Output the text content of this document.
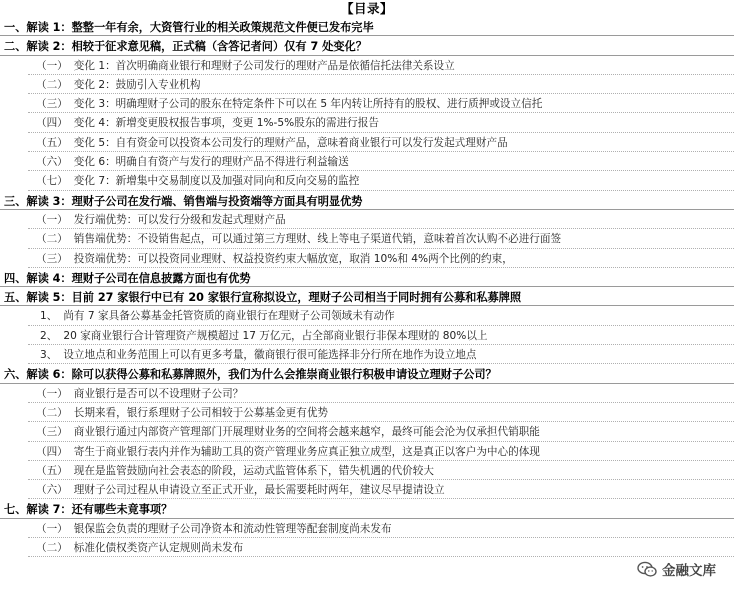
【目录】
一、解读 1：整整一年有余，大资管行业的相关政策规范文件便已发布完毕
二、解读 2：相较于征求意见稿，正式稿（含答记者问）仅有 7 处变化？
（一） 变化 1：首次明确商业银行和理财子公司发行的理财产品是依循信托法律关系设立
（二） 变化 2：鼓励引入专业机构
（三） 变化 3：明确理财子公司的股东在特定条件下可以在 5 年内转让所持有的股权、进行质押或设立信托
（四） 变化 4：新增变更股权报告事项，变更 1%-5%股东的需进行报告
（五） 变化 5：自有资金可以投资本公司发行的理财产品，意味着商业银行可以发行发起式理财产品
（六） 变化 6：明确自有资产与发行的理财产品不得进行利益输送
（七） 变化 7：新增集中交易制度以及加强对同向和反向交易的监控
三、解读 3：理财子公司在发行端、销售端与投资端等方面具有明显优势
（一） 发行端优势：可以发行分级和发起式理财产品
（二） 销售端优势：不设销售起点，可以通过第三方理财、线上等电子渠道代销，意味着首次认购不必进行面签
（三） 投资端优势：可以投资同业理财、权益投资约束大幅放宽，取消 10%和 4%两个比例的约束，
四、解读 4：理财子公司在信息披露方面也有优势
五、解读 5：目前 27 家银行中已有 20 家银行宣称拟设立，理财子公司相当于同时拥有公募和私募牌照
1、 尚有 7 家具备公募基金托管资质的商业银行在理财子公司领域未有动作
2、 20 家商业银行合计管理资产规模超过 17 万亿元，占全部商业银行非保本理财的 80%以上
3、 设立地点和业务范围上可以有更多考量，徽商银行很可能选择非分行所在地作为设立地点
六、解读 6：除可以获得公募和私募牌照外，我们为什么会推崇商业银行积极申请设立理财子公司？
（一） 商业银行是否可以不设理财子公司？
（二） 长期来看，银行系理财子公司相较于公募基金更有优势
（三） 商业银行通过内部资产管理部门开展理财业务的空间将会越来越窄，最终可能会沦为仅承担代销职能
（四） 寄生于商业银行表内并作为辅助工具的资产管理业务应真正独立成型，这是真正以客户为中心的体现
（五） 现在是监管鼓励向社会表态的阶段，运动式监管体系下，错失机遇的代价较大
（六） 理财子公司过程从申请设立至正式开业，最长需要耗时两年，建议尽早提请设立
七、解读 7：还有哪些未竟事项？
（一） 银保监会负责的理财子公司净资本和流动性管理等配套制度尚未发布
（二） 标准化债权类资产认定规则尚未发布
金融文库
